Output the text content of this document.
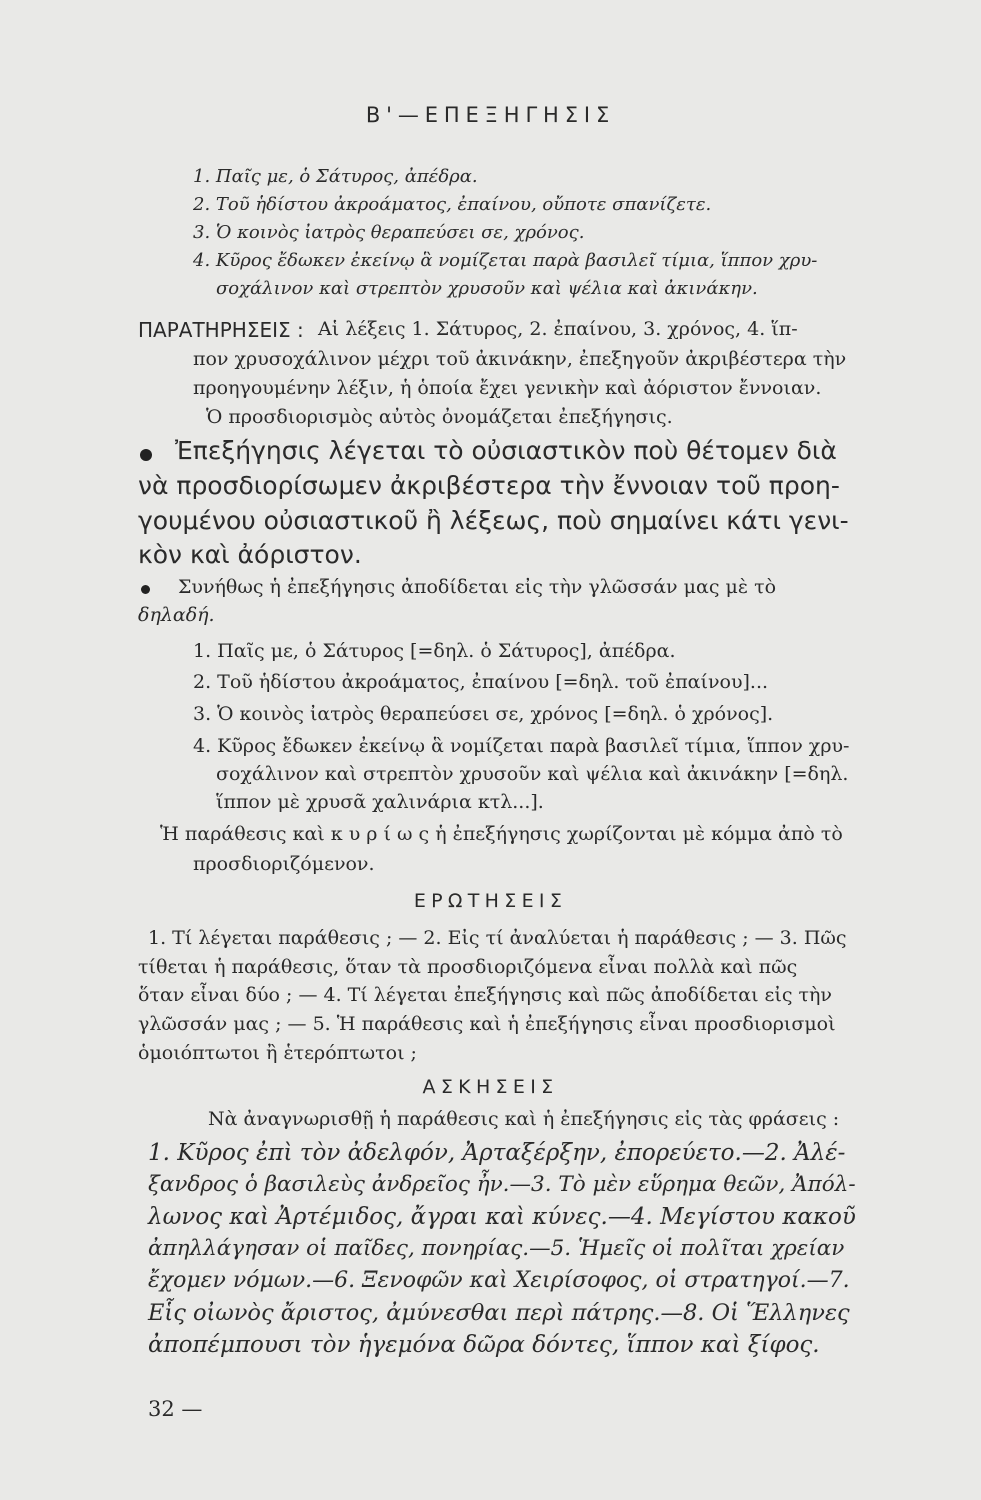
Β'—ΕΠΕΞΗΓΗΣΙΣ
1. Παῖς με, ὁ Σάτυρος, ἀπέδρα.
2. Τοῦ ἡδίστου ἀκροάματος, ἐπαίνου, οὔποτε σπανίζετε.
3. Ὁ κοινὸς ἰατρὸς θεραπεύσει σε, χρόνος.
4. Κῦρος ἔδωκεν ἐκείνῳ ἃ νομίζεται παρὰ βασιλεῖ τίμια, ἵππον χρυ-
σοχάλινον καὶ στρεπτὸν χρυσοῦν καὶ ψέλια καὶ ἀκινάκην.
ΠΑΡΑΤΗΡΗΣΕΙΣ : Αἱ λέξεις 1. Σάτυρος, 2. ἐπαίνου, 3. χρόνος, 4. ἵπ-
πον χρυσοχάλινον μέχρι τοῦ ἀκινάκην, ἐπεξηγοῦν ἀκριβέστερα τὴν
προηγουμένην λέξιν, ἡ ὁποία ἔχει γενικὴν καὶ ἀόριστον ἔννοιαν.
Ὁ προσδιορισμὸς αὐτὸς ὀνομάζεται ἐπεξήγησις.
Ἐπεξήγησις λέγεται τὸ οὐσιαστικὸν ποὺ θέτομεν διὰ
νὰ προσδιορίσωμεν ἀκριβέστερα τὴν ἔννοιαν τοῦ προη-
γουμένου οὐσιαστικοῦ ἢ λέξεως, ποὺ σημαίνει κάτι γενι-
κὸν καὶ ἀόριστον.
Συνήθως ἡ ἐπεξήγησις ἀποδίδεται εἰς τὴν γλῶσσάν μας μὲ τὸ
δηλαδή.
1. Παῖς με, ὁ Σάτυρος [=δηλ. ὁ Σάτυρος], ἀπέδρα.
2. Τοῦ ἡδίστου ἀκροάματος, ἐπαίνου [=δηλ. τοῦ ἐπαίνου]...
3. Ὁ κοινὸς ἰατρὸς θεραπεύσει σε, χρόνος [=δηλ. ὁ χρόνος].
4. Κῦρος ἔδωκεν ἐκείνῳ ἃ νομίζεται παρὰ βασιλεῖ τίμια, ἵππον χρυ-
σοχάλινον καὶ στρεπτὸν χρυσοῦν καὶ ψέλια καὶ ἀκινάκην [=δηλ.
ἵππον μὲ χρυσᾶ χαλινάρια κτλ...].
Ἡ παράθεσις καὶ κ υ ρ ί ω ς ἡ ἐπεξήγησις χωρίζονται μὲ κόμμα ἀπὸ τὸ
προσδιοριζόμενον.
ΕΡΩΤΗΣΕΙΣ
1. Τί λέγεται παράθεσις ; — 2. Εἰς τί ἀναλύεται ἡ παράθεσις ; — 3. Πῶς
τίθεται ἡ παράθεσις, ὅταν τὰ προσδιοριζόμενα εἶναι πολλὰ καὶ πῶς
ὅταν εἶναι δύο ; — 4. Τί λέγεται ἐπεξήγησις καὶ πῶς ἀποδίδεται εἰς τὴν
γλῶσσάν μας ; — 5. Ἡ παράθεσις καὶ ἡ ἐπεξήγησις εἶναι προσδιορισμοὶ
ὁμοιόπτωτοι ἢ ἑτερόπτωτοι ;
ΑΣΚΗΣΕΙΣ
Νὰ ἀναγνωρισθῇ ἡ παράθεσις καὶ ἡ ἐπεξήγησις εἰς τὰς φράσεις :
1. Κῦρος ἐπὶ τὸν ἀδελφόν, Ἀρταξέρξην, ἐπορεύετο.—2. Ἀλέ-
ξανδρος ὁ βασιλεὺς ἀνδρεῖος ἦν.—3. Τὸ μὲν εὕρημα θεῶν, Ἀπόλ-
λωνος καὶ Ἀρτέμιδος, ἄγραι καὶ κύνες.—4. Μεγίστου κακοῦ
ἀπηλλάγησαν οἱ παῖδες, πονηρίας.—5. Ἡμεῖς οἱ πολῖται χρείαν
ἔχομεν νόμων.—6. Ξενοφῶν καὶ Χειρίσοφος, οἱ στρατηγοί.—7.
Εἷς οἰωνὸς ἄριστος, ἀμύνεσθαι περὶ πάτρης.—8. Οἱ Ἕλληνες
ἀποπέμπουσι τὸν ἡγεμόνα δῶρα δόντες, ἵππον καὶ ξίφος.
32 —
